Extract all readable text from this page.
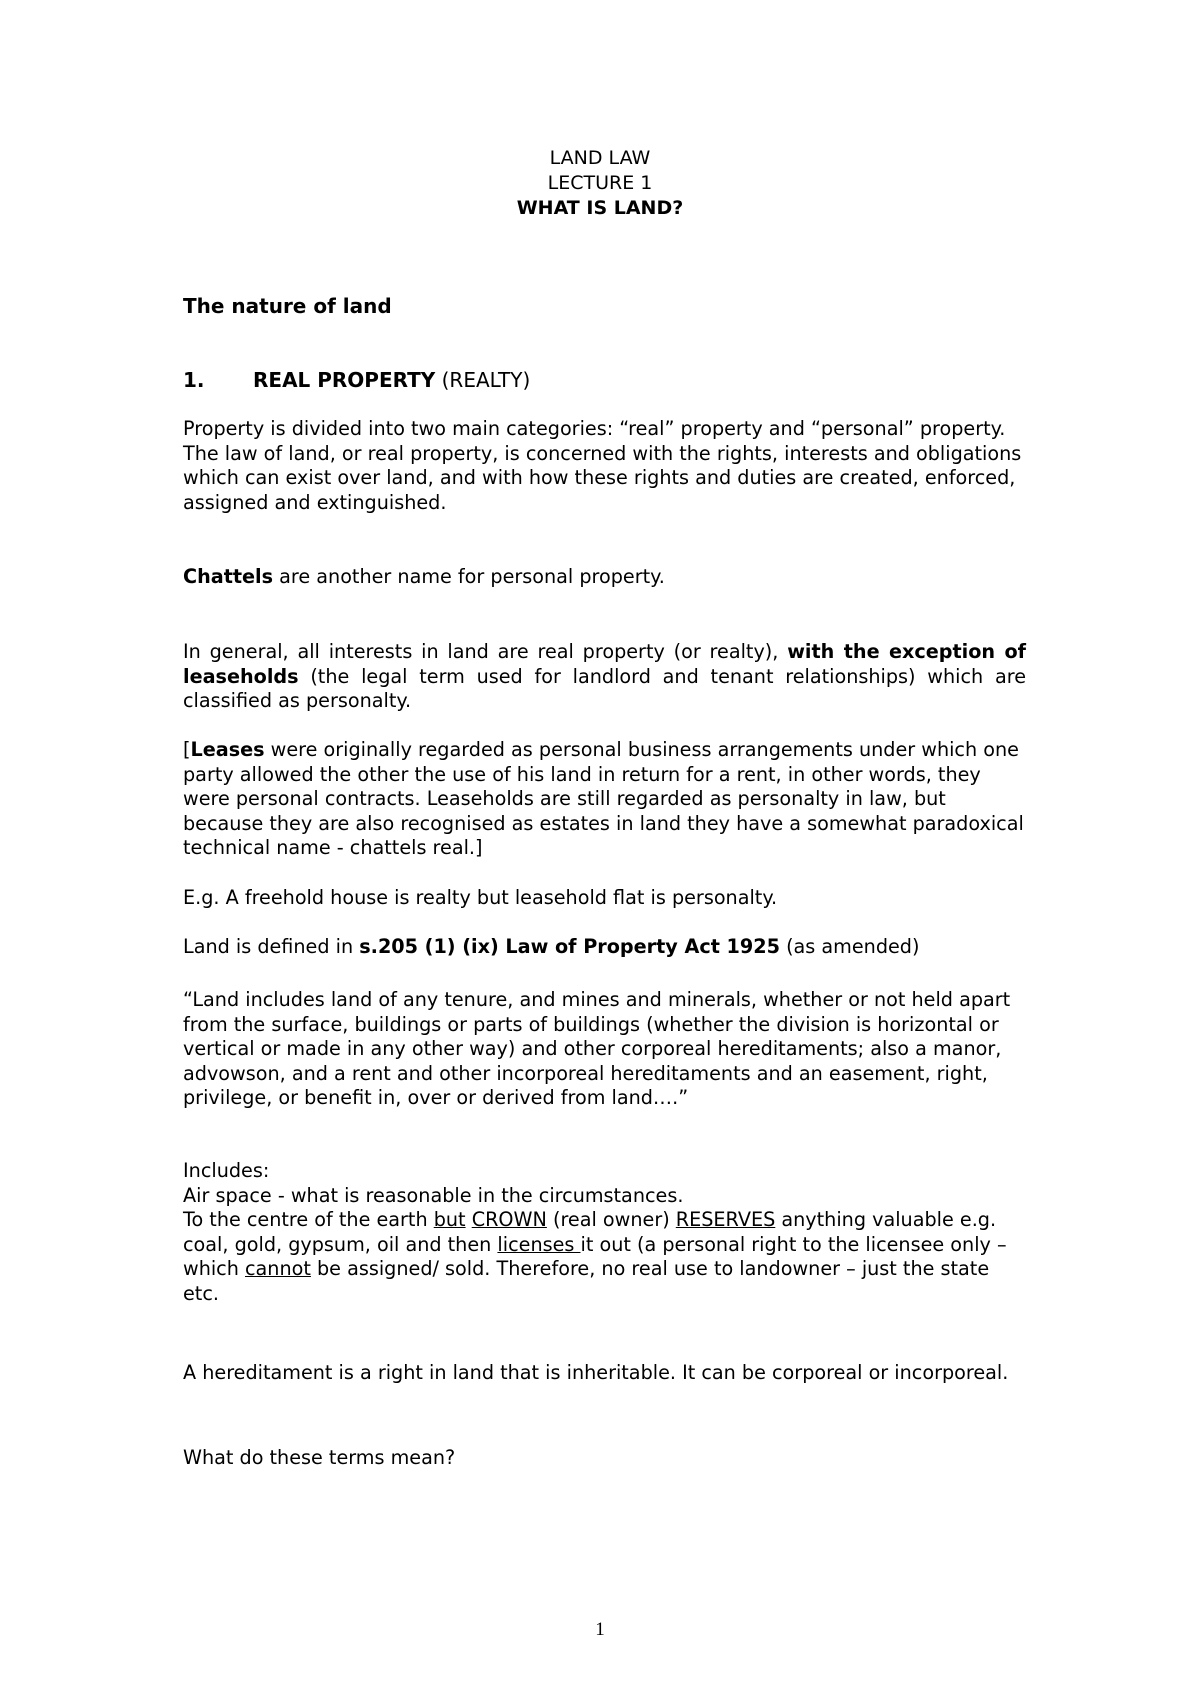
LAND LAW
LECTURE 1
WHAT IS LAND?

The nature of land

1. REAL PROPERTY (REALTY)

Property is divided into two main categories: “real” property and “personal” property.
The law of land, or real property, is concerned with the rights, interests and obligations which can exist over land, and with how these rights and duties are created, enforced, assigned and extinguished.

Chattels are another name for personal property.

In general, all interests in land are real property (or realty), with the exception of leaseholds (the legal term used for landlord and tenant relationships) which are classified as personalty.

[Leases were originally regarded as personal business arrangements under which one party allowed the other the use of his land in return for a rent, in other words, they were personal contracts. Leaseholds are still regarded as personalty in law, but because they are also recognised as estates in land they have a somewhat paradoxical technical name - chattels real.]

E.g. A freehold house is realty but leasehold flat is personalty.

Land is defined in s.205 (1) (ix) Law of Property Act 1925 (as amended)

“Land includes land of any tenure, and mines and minerals, whether or not held apart from the surface, buildings or parts of buildings (whether the division is horizontal or vertical or made in any other way) and other corporeal hereditaments; also a manor, advowson, and a rent and other incorporeal hereditaments and an easement, right, privilege, or benefit in, over or derived from land….”

Includes:
Air space - what is reasonable in the circumstances.
To the centre of the earth but CROWN (real owner) RESERVES anything valuable e.g. coal, gold, gypsum, oil and then licenses it out (a personal right to the licensee only – which cannot be assigned/ sold. Therefore, no real use to landowner – just the state etc.

A hereditament is a right in land that is inheritable. It can be corporeal or incorporeal.

What do these terms mean?

1
